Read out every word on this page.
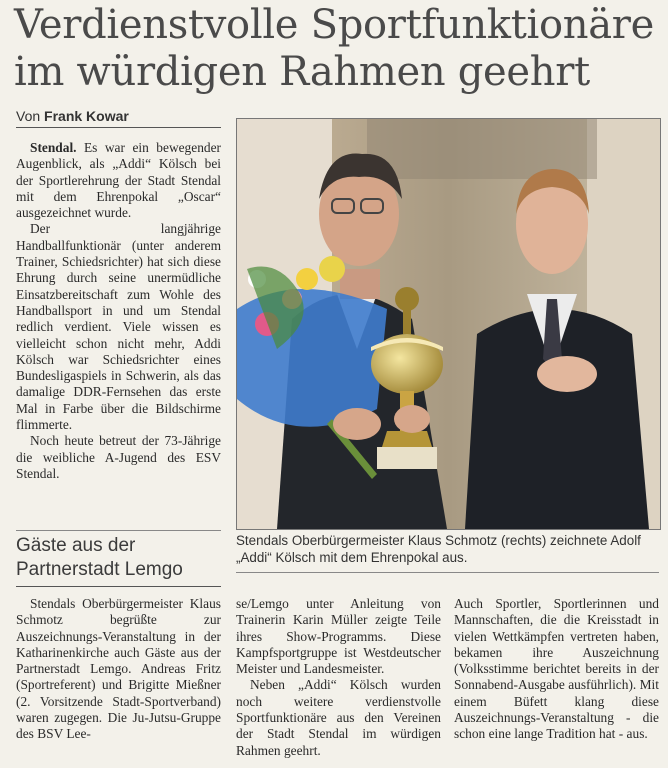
Verdienstvolle Sportfunktionäre im würdigen Rahmen geehrt
Von Frank Kowar

Stendal. Es war ein bewegender Augenblick, als „Addi“ Kölsch bei der Sportlerehrung der Stadt Stendal mit dem Ehrenpokal „Oscar“ ausgezeichnet wurde.

Der langjährige Handballfunktionär (unter anderem Trainer, Schiedsrichter) hat sich diese Ehrung durch seine unermüdliche Einsatzbereitschaft zum Wohle des Handballsport in und um Stendal redlich verdient. Viele wissen es vielleicht schon nicht mehr, Addi Kölsch war Schiedsrichter eines Bundesligaspiels in Schwerin, als das damalige DDR-Fernsehen das erste Mal in Farbe über die Bildschirme flimmerte.

Noch heute betreut der 73-Jährige die weibliche A-Jugend des ESV Stendal.

Stendals Oberbürgermeister Klaus Schmotz (rechts) zeichnete Adolf „Addi“ Kölsch mit dem Ehrenpokal aus.
Gäste aus der Partnerstadt Lemgo

Stendals Oberbürgermeister Klaus Schmotz begrüßte zur Auszeichnungs-Veranstaltung in der Katharinenkirche auch Gäste aus der Partnerstadt Lemgo. Andreas Fritz (Sportreferent) und Brigitte Mießner (2. Vorsitzende Stadt-Sportverband) waren zugegen. Die Ju-Jutsu-Gruppe des BSV Lee-

se/Lemgo unter Anleitung von Trainerin Karin Müller zeigte Teile ihres Show-Programms. Diese Kampfsportgruppe ist Westdeutscher Meister und Landesmeister.

Neben „Addi“ Kölsch wurden noch weitere verdienstvolle Sportfunktionäre aus den Vereinen der Stadt Stendal im würdigen Rahmen geehrt.

Auch Sportler, Sportlerinnen und Mannschaften, die die Kreisstadt in vielen Wettkämpfen vertreten haben, bekamen ihre Auszeichnung (Volksstimme berichtet bereits in der Sonnabend-Ausgabe ausführlich). Mit einem Büfett klang diese Auszeichnungs-Veranstaltung - die schon eine lange Tradition hat - aus.
